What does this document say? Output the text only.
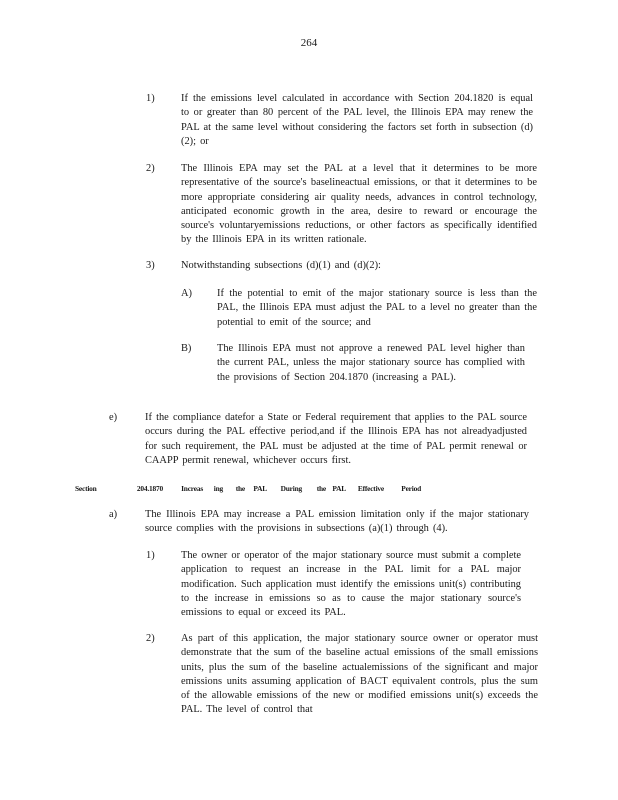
264
1)	If the emissions level calculated in accordance with Section 204.1820 is equal to or greater than 80 percent of the PAL level, the Illinois EPA may renew the PAL at the same level without considering the factors set forth in subsection (d)(2); or
2)	The Illinois EPA may set the PAL at a level that it determines to be more representative of the source's baselineactual emissions, or that it determines to be more appropriate considering air quality needs, advances in control technology, anticipated economic growth in the area, desire to reward or encourage the source's voluntaryemissions reductions, or other factors as specifically identified by the Illinois EPA in its written rationale.
3)	Notwithstanding subsections (d)(1) and (d)(2):
A) If the potential to emit of the major stationary source is less than the PAL, the Illinois EPA must adjust the PAL to a level no greater than the potential to emit of the source; and
B) The Illinois EPA must not approve a renewed PAL level higher than the current PAL, unless the major stationary source has complied with the provisions of Section 204.1870 (increasing a PAL).
e)	If the compliance datefor a State or Federal requirement that applies to the PAL source occurs during the PAL effective period,and if the Illinois EPA has not alreadyadjusted for such requirement, the PAL must be adjusted at the time of PAL permit renewal or CAAPP permit renewal, whichever occurs first.
Section	204.1870 Increas ing the PAL During the PAL Effective Period
a)	The Illinois EPA may increase a PAL emission limitation only if the major stationary source complies with the provisions in subsections (a)(1) through (4).
1)	The owner or operator of the major stationary source must submit a complete application to request an increase in the PAL limit for a PAL major modification. Such application must identify the emissions unit(s) contributing to the increase in emissions so as to cause the major stationary source's emissions to equal or exceed its PAL.
2)	As part of this application, the major stationary source owner or operator must demonstrate that the sum of the baseline actual emissions of the small emissions units, plus the sum of the baseline actualemissions of the significant and major emissions units assuming application of BACT equivalent controls, plus the sum of the allowable emissions of the new or modified emissions unit(s) exceeds the PAL. The level of control that
